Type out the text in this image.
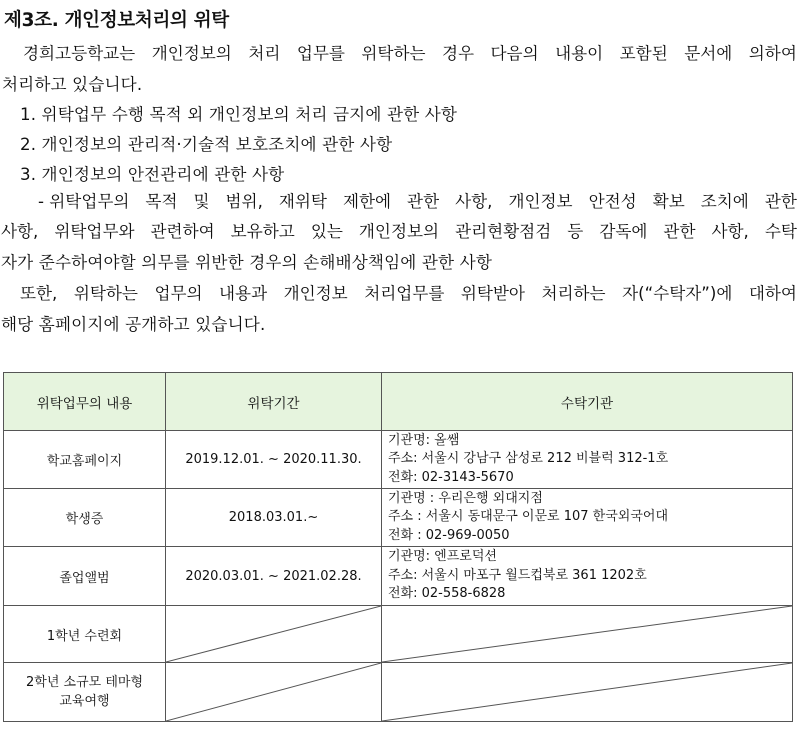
제3조. 개인정보처리의 위탁
경희고등학교는 개인정보의 처리 업무를 위탁하는 경우 다음의 내용이 포함된 문서에 의하여
처리하고 있습니다.
1. 위탁업무 수행 목적 외 개인정보의 처리 금지에 관한 사항
2. 개인정보의 관리적·기술적 보호조치에 관한 사항
3. 개인정보의 안전관리에 관한 사항
- 위탁업무의 목적 및 범위, 재위탁 제한에 관한 사항, 개인정보 안전성 확보 조치에 관한
사항, 위탁업무와 관련하여 보유하고 있는 개인정보의 관리현황점검 등 감독에 관한 사항, 수탁
자가 준수하여야할 의무를 위반한 경우의 손해배상책임에 관한 사항
또한, 위탁하는 업무의 내용과 개인정보 처리업무를 위탁받아 처리하는 자(“수탁자”)에 대하여
해당 홈페이지에 공개하고 있습니다.
위탁업무의 내용	위탁기간	수탁기관
학교홈페이지	2019.12.01. ~ 2020.11.30.	기관명: 올쌤
주소: 서울시 강남구 삼성로 212 비블럭 312-1호
전화: 02-3143-5670

학생증	2018.03.01.~	기관명 : 우리은행 외대지점
주소 : 서울시 동대문구 이문로 107 한국외국어대
전화 : 02-969-0050

졸업앨범	2020.03.01. ~ 2021.02.28.	기관명: 엔프로덕션
주소: 서울시 마포구 월드컵북로 361 1202호
전화: 02-558-6828

1학년 수련회	

2학년 소규모 테마형
교육여행
